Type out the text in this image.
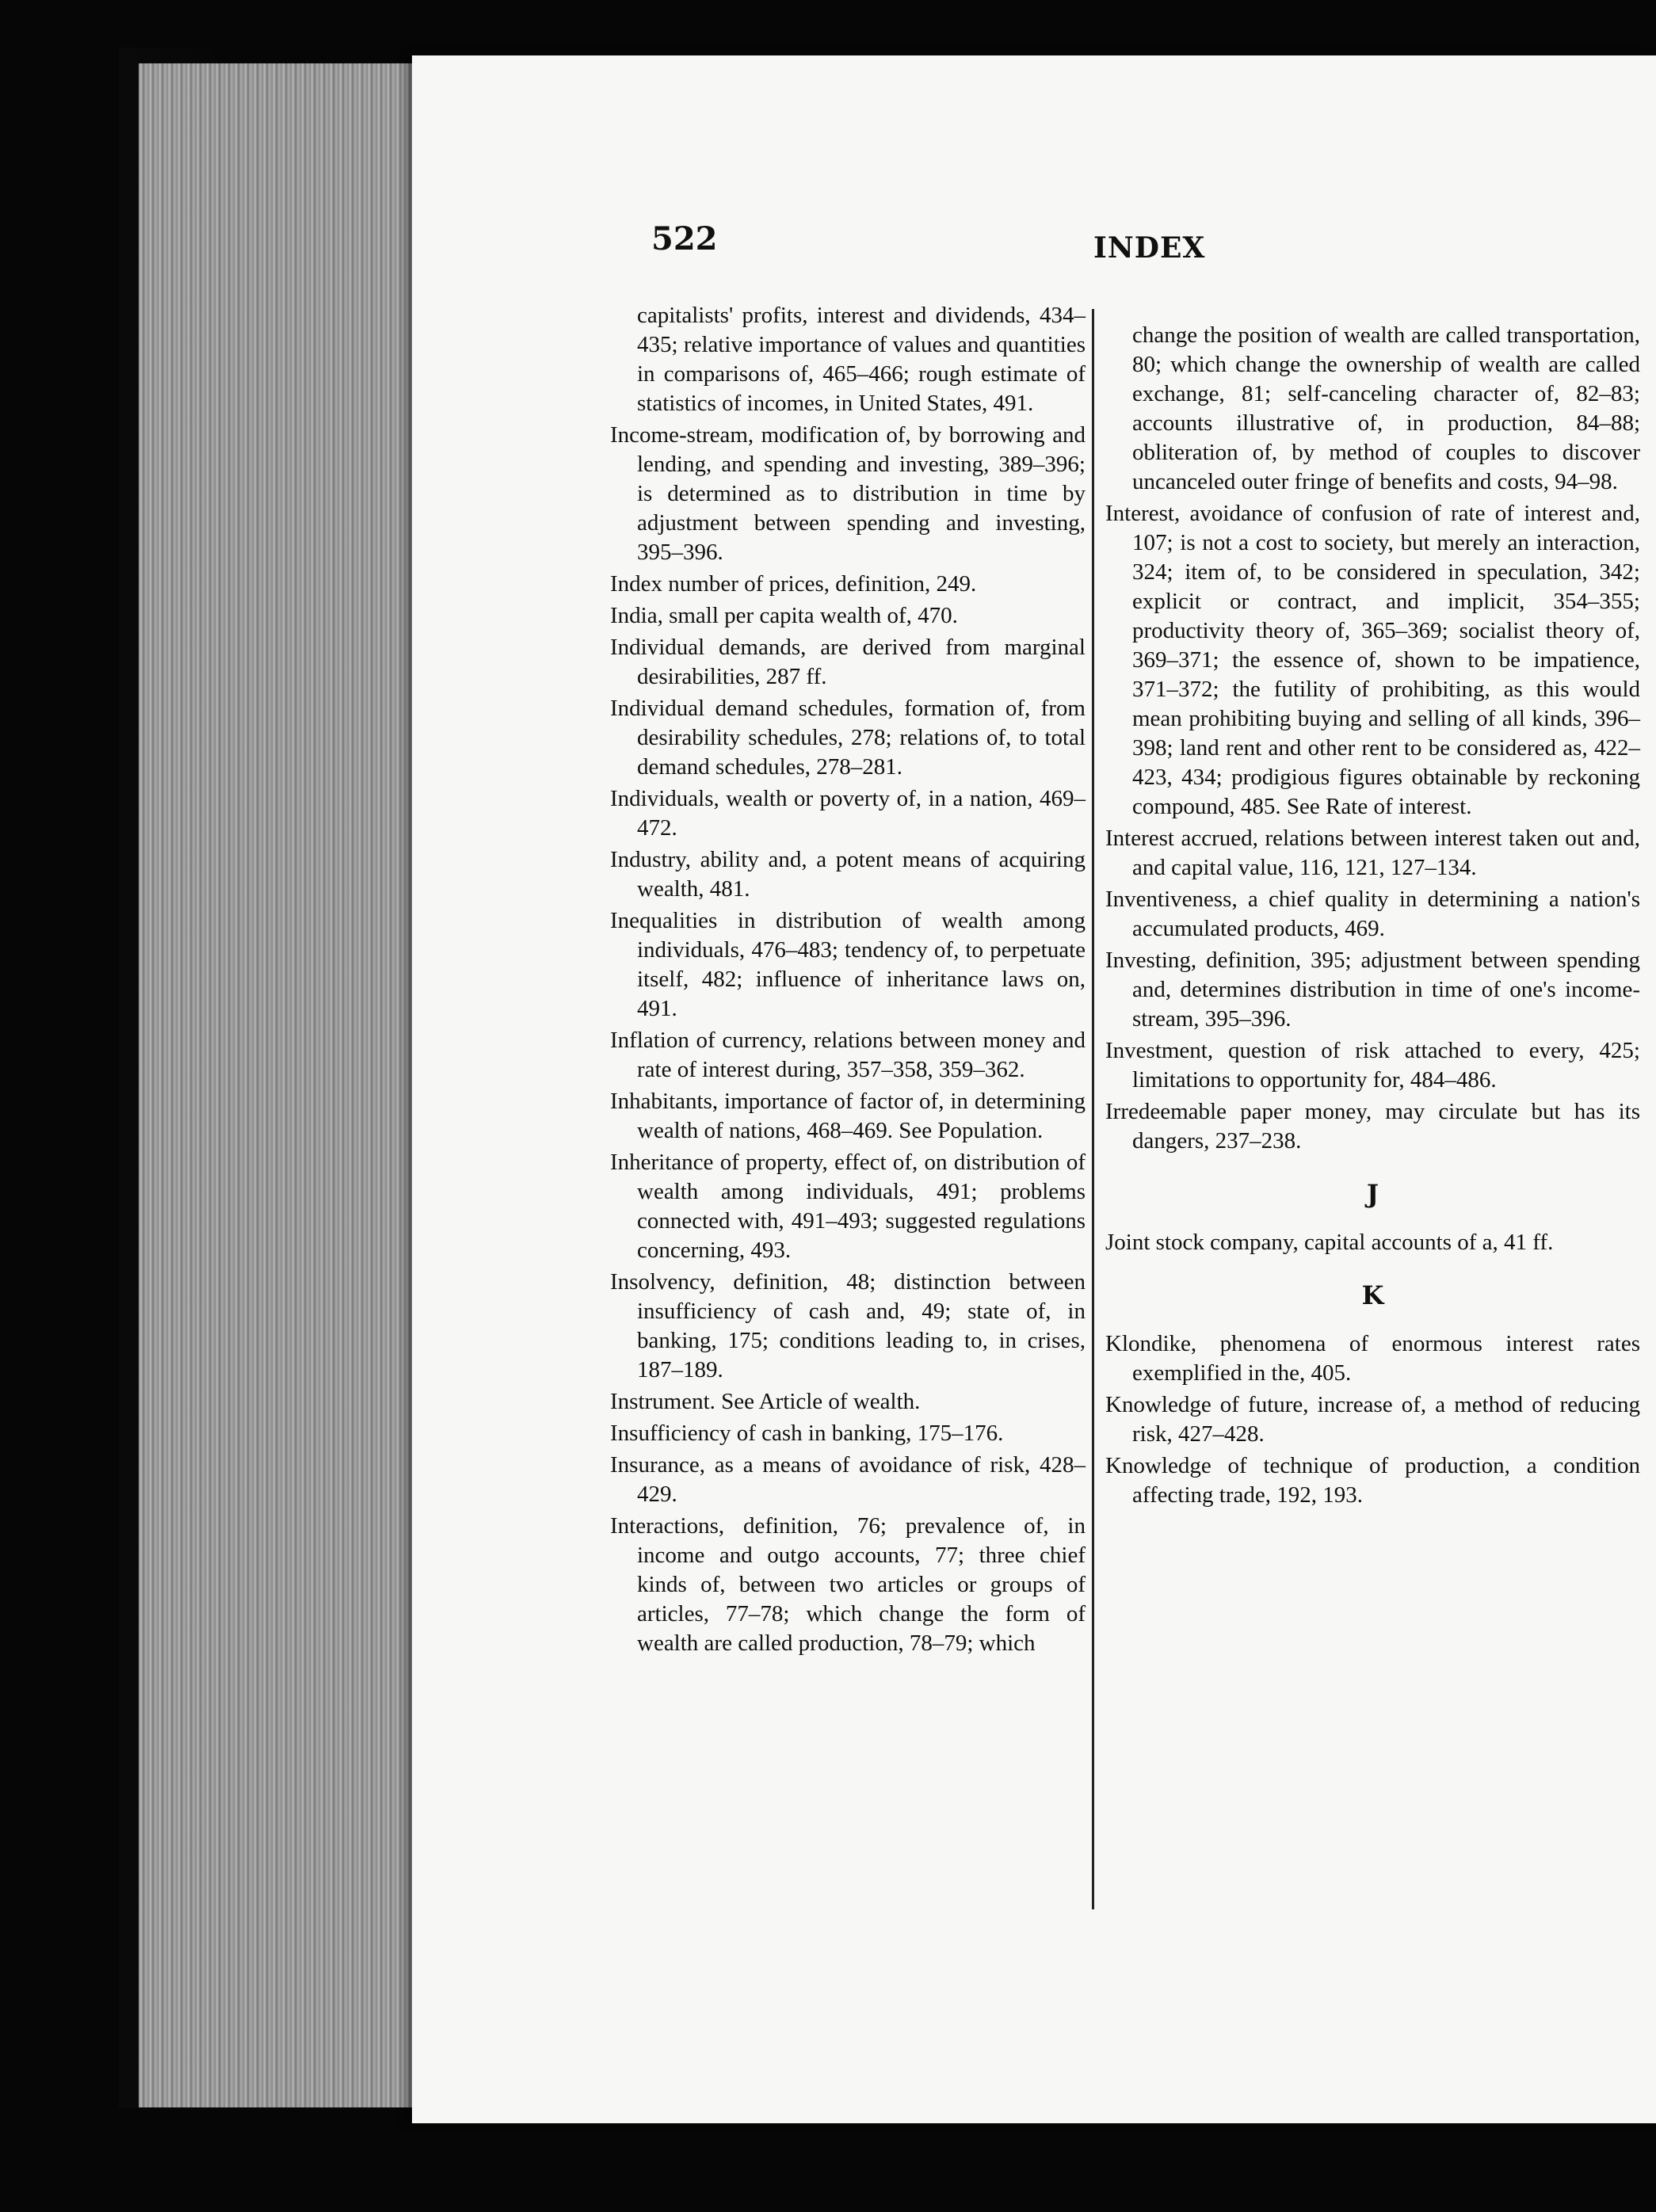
522	INDEX

capitalists' profits, interest and dividends, 434–435; relative importance of values and quantities in comparisons of, 465–466; rough estimate of statistics of incomes, in United States, 491.

Income-stream, modification of, by borrowing and lending, and spending and investing, 389–396; is determined as to distribution in time by adjustment between spending and investing, 395–396.

Index number of prices, definition, 249.

India, small per capita wealth of, 470.

Individual demands, are derived from marginal desirabilities, 287 ff.

Individual demand schedules, formation of, from desirability schedules, 278; relations of, to total demand schedules, 278–281.

Individuals, wealth or poverty of, in a nation, 469–472.

Industry, ability and, a potent means of acquiring wealth, 481.

Inequalities in distribution of wealth among individuals, 476–483; tendency of, to perpetuate itself, 482; influence of inheritance laws on, 491.

Inflation of currency, relations between money and rate of interest during, 357–358, 359–362.

Inhabitants, importance of factor of, in determining wealth of nations, 468–469. See Population.

Inheritance of property, effect of, on distribution of wealth among individuals, 491; problems connected with, 491–493; suggested regulations concerning, 493.

Insolvency, definition, 48; distinction between insufficiency of cash and, 49; state of, in banking, 175; conditions leading to, in crises, 187–189.

Instrument. See Article of wealth.

Insufficiency of cash in banking, 175–176.

Insurance, as a means of avoidance of risk, 428–429.

Interactions, definition, 76; prevalence of, in income and outgo accounts, 77; three chief kinds of, between two articles or groups of articles, 77–78; which change the form of wealth are called production, 78–79; which

change the position of wealth are called transportation, 80; which change the ownership of wealth are called exchange, 81; self-canceling character of, 82–83; accounts illustrative of, in production, 84–88; obliteration of, by method of couples to discover uncanceled outer fringe of benefits and costs, 94–98.

Interest, avoidance of confusion of rate of interest and, 107; is not a cost to society, but merely an interaction, 324; item of, to be considered in speculation, 342; explicit or contract, and implicit, 354–355; productivity theory of, 365–369; socialist theory of, 369–371; the essence of, shown to be impatience, 371–372; the futility of prohibiting, as this would mean prohibiting buying and selling of all kinds, 396–398; land rent and other rent to be considered as, 422–423, 434; prodigious figures obtainable by reckoning compound, 485. See Rate of interest.

Interest accrued, relations between interest taken out and, and capital value, 116, 121, 127–134.

Inventiveness, a chief quality in determining a nation's accumulated products, 469.

Investing, definition, 395; adjustment between spending and, determines distribution in time of one's income-stream, 395–396.

Investment, question of risk attached to every, 425; limitations to opportunity for, 484–486.

Irredeemable paper money, may circulate but has its dangers, 237–238.

J

Joint stock company, capital accounts of a, 41 ff.

K

Klondike, phenomena of enormous interest rates exemplified in the, 405.

Knowledge of future, increase of, a method of reducing risk, 427–428.

Knowledge of technique of production, a condition affecting trade, 192, 193.
